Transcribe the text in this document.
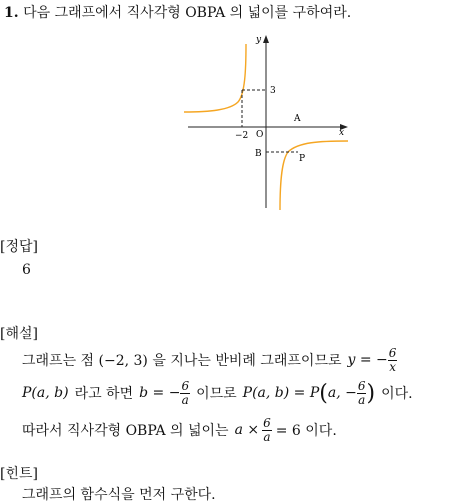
1. 다음 그래프에서 직사각형 OBPA 의 넓이를 구하여라.
y
x
3
−2 O
A
B	P
[정답]
6
[해설]
그래프는 점 (−2, 3) 을 지나는 반비례 그래프이므로 y = − $\frac{6}{x}$
P(a, b) 라고 하면 b = − $\frac{6}{a}$ 이므로 P(a, b) = P ( a, − $\frac{6}{a}$ ) 이다.
따라서 직사각형 OBPA 의 넓이는 $a \times \frac{6}{a} = 6$ 이다.
[힌트]
그래프의 함수식을 먼저 구한다.
